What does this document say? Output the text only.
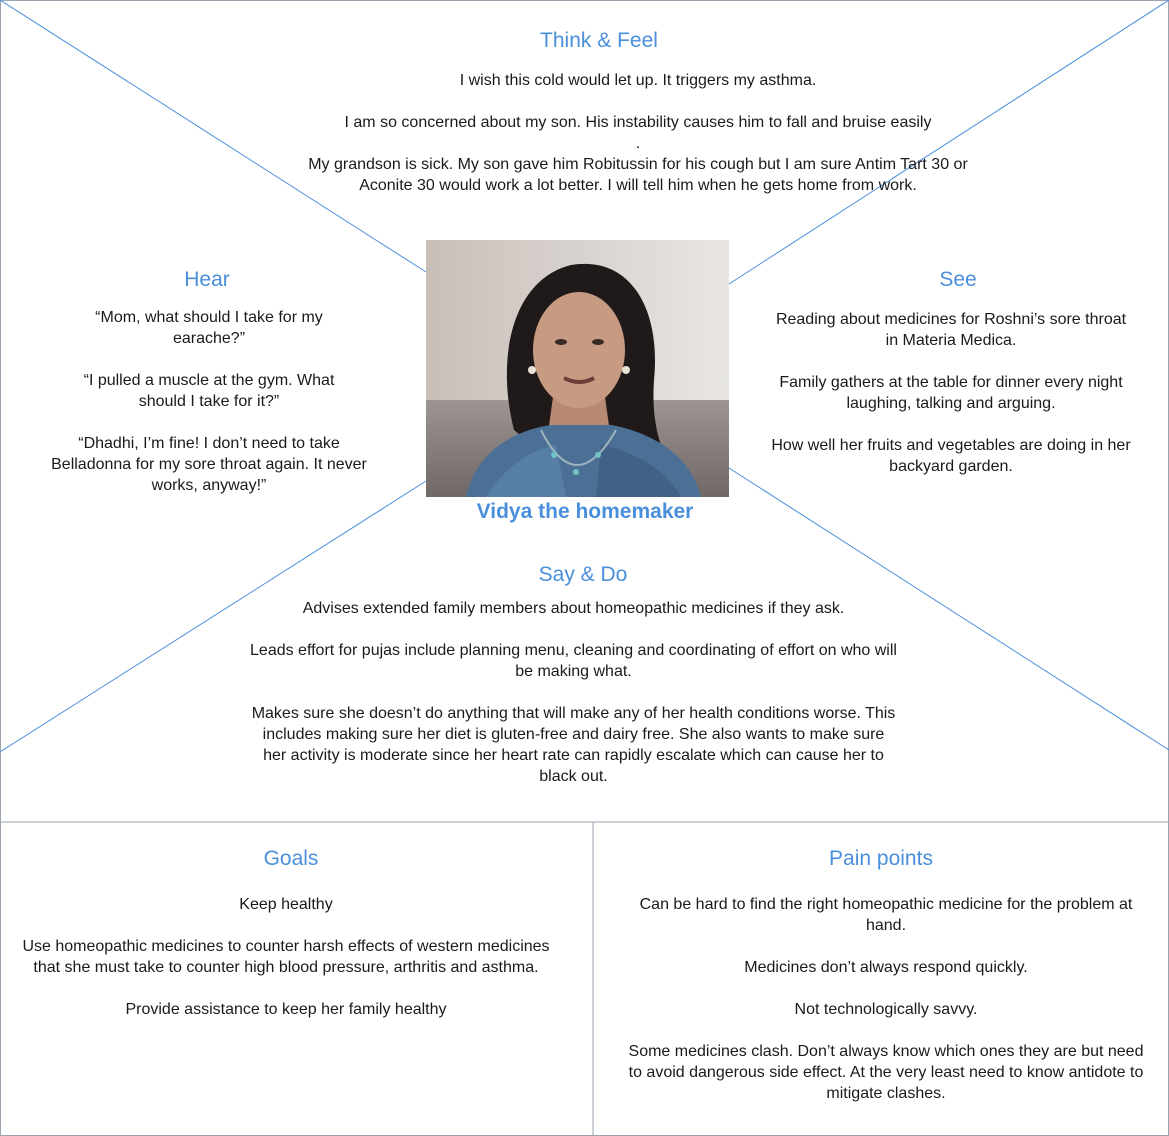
Think & Feel

I wish this cold would let up. It triggers my asthma.

I am so concerned about my son. His instability causes him to fall and bruise easily
.
My grandson is sick. My son gave him Robitussin for his cough but I am sure Antim Tart 30 or Aconite 30 would work a lot better. I will tell him when he gets home from work.
Hear

“Mom, what should I take for my earache?”

“I pulled a muscle at the gym. What should I take for it?”

“Dhadhi, I’m fine! I don’t need to take Belladonna for my sore throat again. It never works, anyway!”

Vidya the homemaker
See

Reading about medicines for Roshni’s sore throat in Materia Medica.

Family gathers at the table for dinner every night laughing, talking and arguing.

How well her fruits and vegetables are doing in her backyard garden.

Say & Do

Advises extended family members about homeopathic medicines if they ask.

Leads effort for pujas include planning menu, cleaning and coordinating of effort on who will be making what.

Makes sure she doesn’t do anything that will make any of her health conditions worse. This includes making sure her diet is gluten-free and dairy free. She also wants to make sure her activity is moderate since her heart rate can rapidly escalate which can cause her to black out.

Goals

Keep healthy

Use homeopathic medicines to counter harsh effects of western medicines that she must take to counter high blood pressure, arthritis and asthma.

Provide assistance to keep her family healthy

Pain points

Can be hard to find the right homeopathic medicine for the problem at hand.

Medicines don’t always respond quickly.

Not technologically savvy.

Some medicines clash. Don’t always know which ones they are but need to avoid dangerous side effect. At the very least need to know antidote to mitigate clashes.
